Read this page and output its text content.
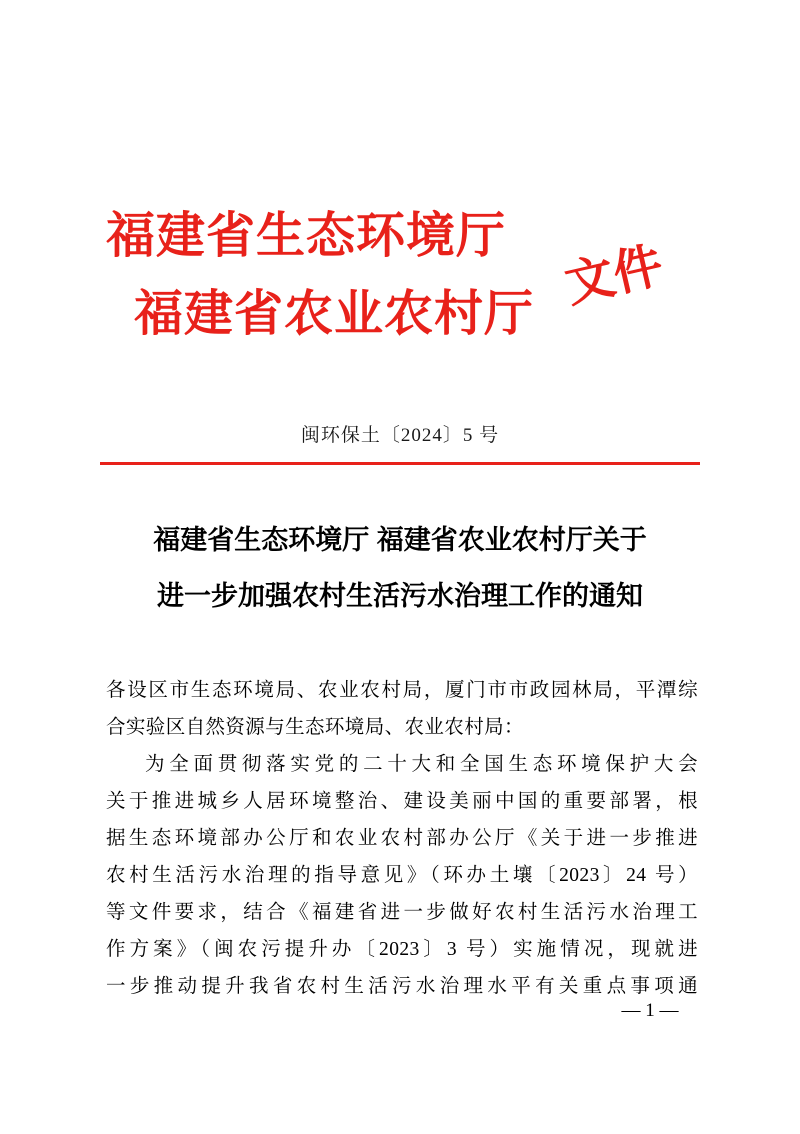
福建省生态环境厅
福建省农业农村厅
文件
闽环保土〔2024〕5 号
福建省生态环境厅 福建省农业农村厅关于
进一步加强农村生活污水治理工作的通知

各设区市生态环境局、农业农村局，厦门市市政园林局，平潭综

合实验区自然资源与生态环境局、农业农村局：

为全面贯彻落实党的二十大和全国生态环境保护大会

关于推进城乡人居环境整治、建设美丽中国的重要部署，根

据生态环境部办公厅和农业农村部办公厅《关于进一步推进

农村生活污水治理的指导意见》（环办土壤〔2023〕24 号）

等文件要求，结合《福建省进一步做好农村生活污水治理工

作方案》（闽农污提升办〔2023〕3 号）实施情况，现就进

一步推动提升我省农村生活污水治理水平有关重点事项通

— 1 —
